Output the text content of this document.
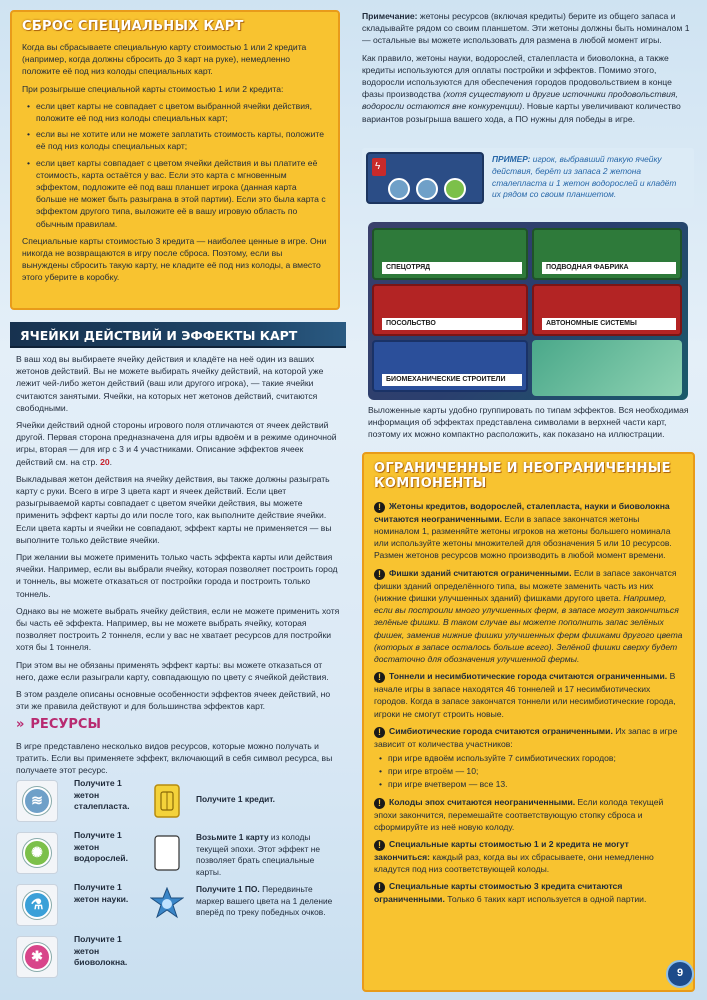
СБРОС СПЕЦИАЛЬНЫХ КАРТ

Когда вы сбрасываете специальную карту стоимостью 1 или 2 кредита (например, когда должны сбросить до 3 карт на руке), немедленно положите её под низ колоды специальных карт.

При розыгрыше специальной карты стоимостью 1 или 2 кредита:

• если цвет карты не совпадает с цветом выбранной ячейки действия, положите её под низ колоды специальных карт;
• если вы не хотите или не можете заплатить стоимость карты, положите её под низ колоды специальных карт;
• если цвет карты совпадает с цветом ячейки действия и вы платите её стоимость, карта остаётся у вас. Если это карта с мгновенным эффектом, подложите её под ваш планшет игрока (данная карта больше не может быть разыграна в этой партии). Если это была карта с эффектом другого типа, выложите её в вашу игровую область по обычным правилам.

Специальные карты стоимостью 3 кредита — наиболее ценные в игре. Они никогда не возвращаются в игру после сброса. Поэтому, если вы вынуждены сбросить такую карту, не кладите её под низ колоды, а вместо этого уберите в коробку.

ЯЧЕЙКИ ДЕЙСТВИЙ И ЭФФЕКТЫ КАРТ

В ваш ход вы выбираете ячейку действия и кладёте на неё один из ваших жетонов действий. Вы не можете выбирать ячейку действий, на которой уже лежит чей-либо жетон действий (ваш или другого игрока), — такие ячейки считаются занятыми. Ячейки, на которых нет жетонов действий, считаются свободными.

Ячейки действий одной стороны игрового поля отличаются от ячеек действий другой. Первая сторона предназначена для игры вдвоём и в режиме одиночной игры, вторая — для игр с 3 и 4 участниками. Описание эффектов ячеек действий см. на стр. 20.

Выкладывая жетон действия на ячейку действия, вы также должны разыграть карту с руки. Всего в игре 3 цвета карт и ячеек действий. Если цвет разыгрываемой карты совпадает с цветом ячейки действия, вы можете применить эффект карты до или после того, как выполните действие ячейки. Если цвета карты и ячейки не совпадают, эффект карты не применяется — вы выполните только действие ячейки.

При желании вы можете применить только часть эффекта карты или действия ячейки. Например, если вы выбрали ячейку, которая позволяет построить город и тоннель, вы можете отказаться от постройки города и построить только тоннель.

Однако вы не можете выбрать ячейку действия, если не можете применить хотя бы часть её эффекта. Например, вы не можете выбрать ячейку, которая позволяет построить 2 тоннеля, если у вас не хватает ресурсов для постройки хотя бы 1 тоннеля.

При этом вы не обязаны применять эффект карты: вы можете отказаться от него, даже если разыграли карту, совпадающую по цвету с ячейкой действия.

В этом разделе описаны основные особенности эффектов ячеек действий, но эти же правила действуют и для большинства эффектов карт.

» РЕСУРСЫ
В игре представлено несколько видов ресурсов, которые можно получать и тратить. Если вы применяете эффект, включающий в себя символ ресурса, вы получаете этот ресурс.
≋
Получите 1 жетон сталепласта.
Получите 1 кредит.
✺
Получите 1 жетон водорослей.
Возьмите 1 карту из колоды текущей эпохи. Этот эффект не позволяет брать специальные карты.
⚗
Получите 1 жетон науки.
Получите 1 ПО. Передвиньте маркер вашего цвета на 1 деление вперёд по треку победных очков.
✱
Получите 1 жетон биоволокна.

Примечание: жетоны ресурсов (включая кредиты) берите из общего запаса и складывайте рядом со своим планшетом. Эти жетоны должны быть номиналом 1 — остальные вы можете использовать для размена в любой момент игры.

Как правило, жетоны науки, водорослей, сталепласта и биоволокна, а также кредиты используются для оплаты постройки и эффектов. Помимо этого, водоросли используются для обеспечения городов продовольствием в конце фазы производства (хотя существуют и другие источники продовольствия, водоросли остаются вне конкуренции). Новые карты увеличивают количество вариантов розыгрыша вашего хода, а ПО нужны для победы в игре.

ϟ
ПРИМЕР: игрок, выбравший такую ячейку действия, берёт из запаса 2 жетона сталепласта и 1 жетон водорослей и кладёт их рядом со своим планшетом.
СПЕЦОТРЯД
ПОСОЛЬСТВО
БИОМЕХАНИЧЕСКИЕ СТРОИТЕЛИ
ПОДВОДНАЯ ФАБРИКА
АВТОНОМНЫЕ СИСТЕМЫ
Выложенные карты удобно группировать по типам эффектов. Вся необходимая информация об эффектах представлена символами в верхней части карт, поэтому их можно компактно расположить, как показано на иллюстрации.
ОГРАНИЧЕННЫЕ И НЕОГРАНИЧЕННЫЕ
КОМПОНЕНТЫ
! Жетоны кредитов, водорослей, сталепласта, науки и биоволокна считаются неограниченными. Если в запасе закончатся жетоны номиналом 1, разменяйте жетоны игроков на жетоны большего номинала или используйте жетоны множителей для обозначения 5 или 10 ресурсов. Размен жетонов ресурсов можно производить в любой момент времени.
! Фишки зданий считаются ограниченными. Если в запасе закончатся фишки зданий определённого типа, вы можете заменить часть из них (нижние фишки улучшенных зданий) фишками другого цвета. Например, если вы построили много улучшенных ферм, в запасе могут закончиться зелёные фишки. В таком случае вы можете пополнить запас зелёных фишек, заменив нижние фишки улучшенных ферм фишками другого цвета (которых в запасе осталось больше всего). Зелёной фишки сверху будет достаточно для обозначения улучшенной фермы.
! Тоннели и несимбиотические города считаются ограниченными. В начале игры в запасе находятся 46 тоннелей и 17 несимбиотических городов. Когда в запасе закончатся тоннели или несимбиотические города, игроки не смогут строить новые.
! Симбиотические города считаются ограниченными. Их запас в игре зависит от количества участников:
• при игре вдвоём используйте 7 симбиотических городов;
• при игре втроём — 10;
• при игре вчетвером — все 13.
! Колоды эпох считаются неограниченными. Если колода текущей эпохи закончится, перемешайте соответствующую стопку сброса и сформируйте из неё новую колоду.
! Специальные карты стоимостью 1 и 2 кредита не могут закончиться: каждый раз, когда вы их сбрасываете, они немедленно кладутся под низ соответствующей колоды.
! Специальные карты стоимостью 3 кредита считаются ограниченными. Только 6 таких карт используется в одной партии.
9
